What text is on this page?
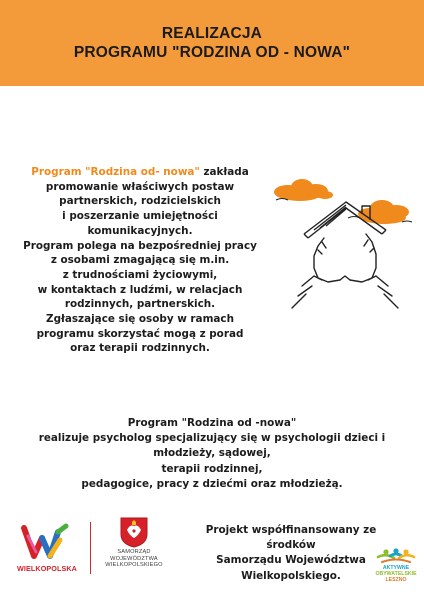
REALIZACJA
PROGRAMU "RODZINA OD - NOWA"
Program "Rodzina od- nowa" zakłada
promowanie właściwych postaw
partnerskich, rodzicielskich
i poszerzanie umiejętności
komunikacyjnych.
Program polega na bezpośredniej pracy
z osobami zmagającą się m.in.
z trudnościami życiowymi,
w kontaktach z ludźmi, w relacjach
rodzinnych, partnerskich.
Zgłaszające się osoby w ramach
programu skorzystać mogą z porad
oraz terapii rodzinnych.
Program "Rodzina od -nowa"
realizuje psycholog specjalizujący się w psychologii dzieci i
młodzieży, sądowej,
terapii rodzinnej,
pedagogice, pracy z dziećmi oraz młodzieżą.
WIELKOPOLSKA
SAMORZĄD
WOJEWÓDZTWA
WIELKOPOLSKIEGO
Projekt współfinansowany ze środków
Samorządu Województwa
Wielkopolskiego.
AKTYWNE
OBYWATELSKIE
LESZNO
